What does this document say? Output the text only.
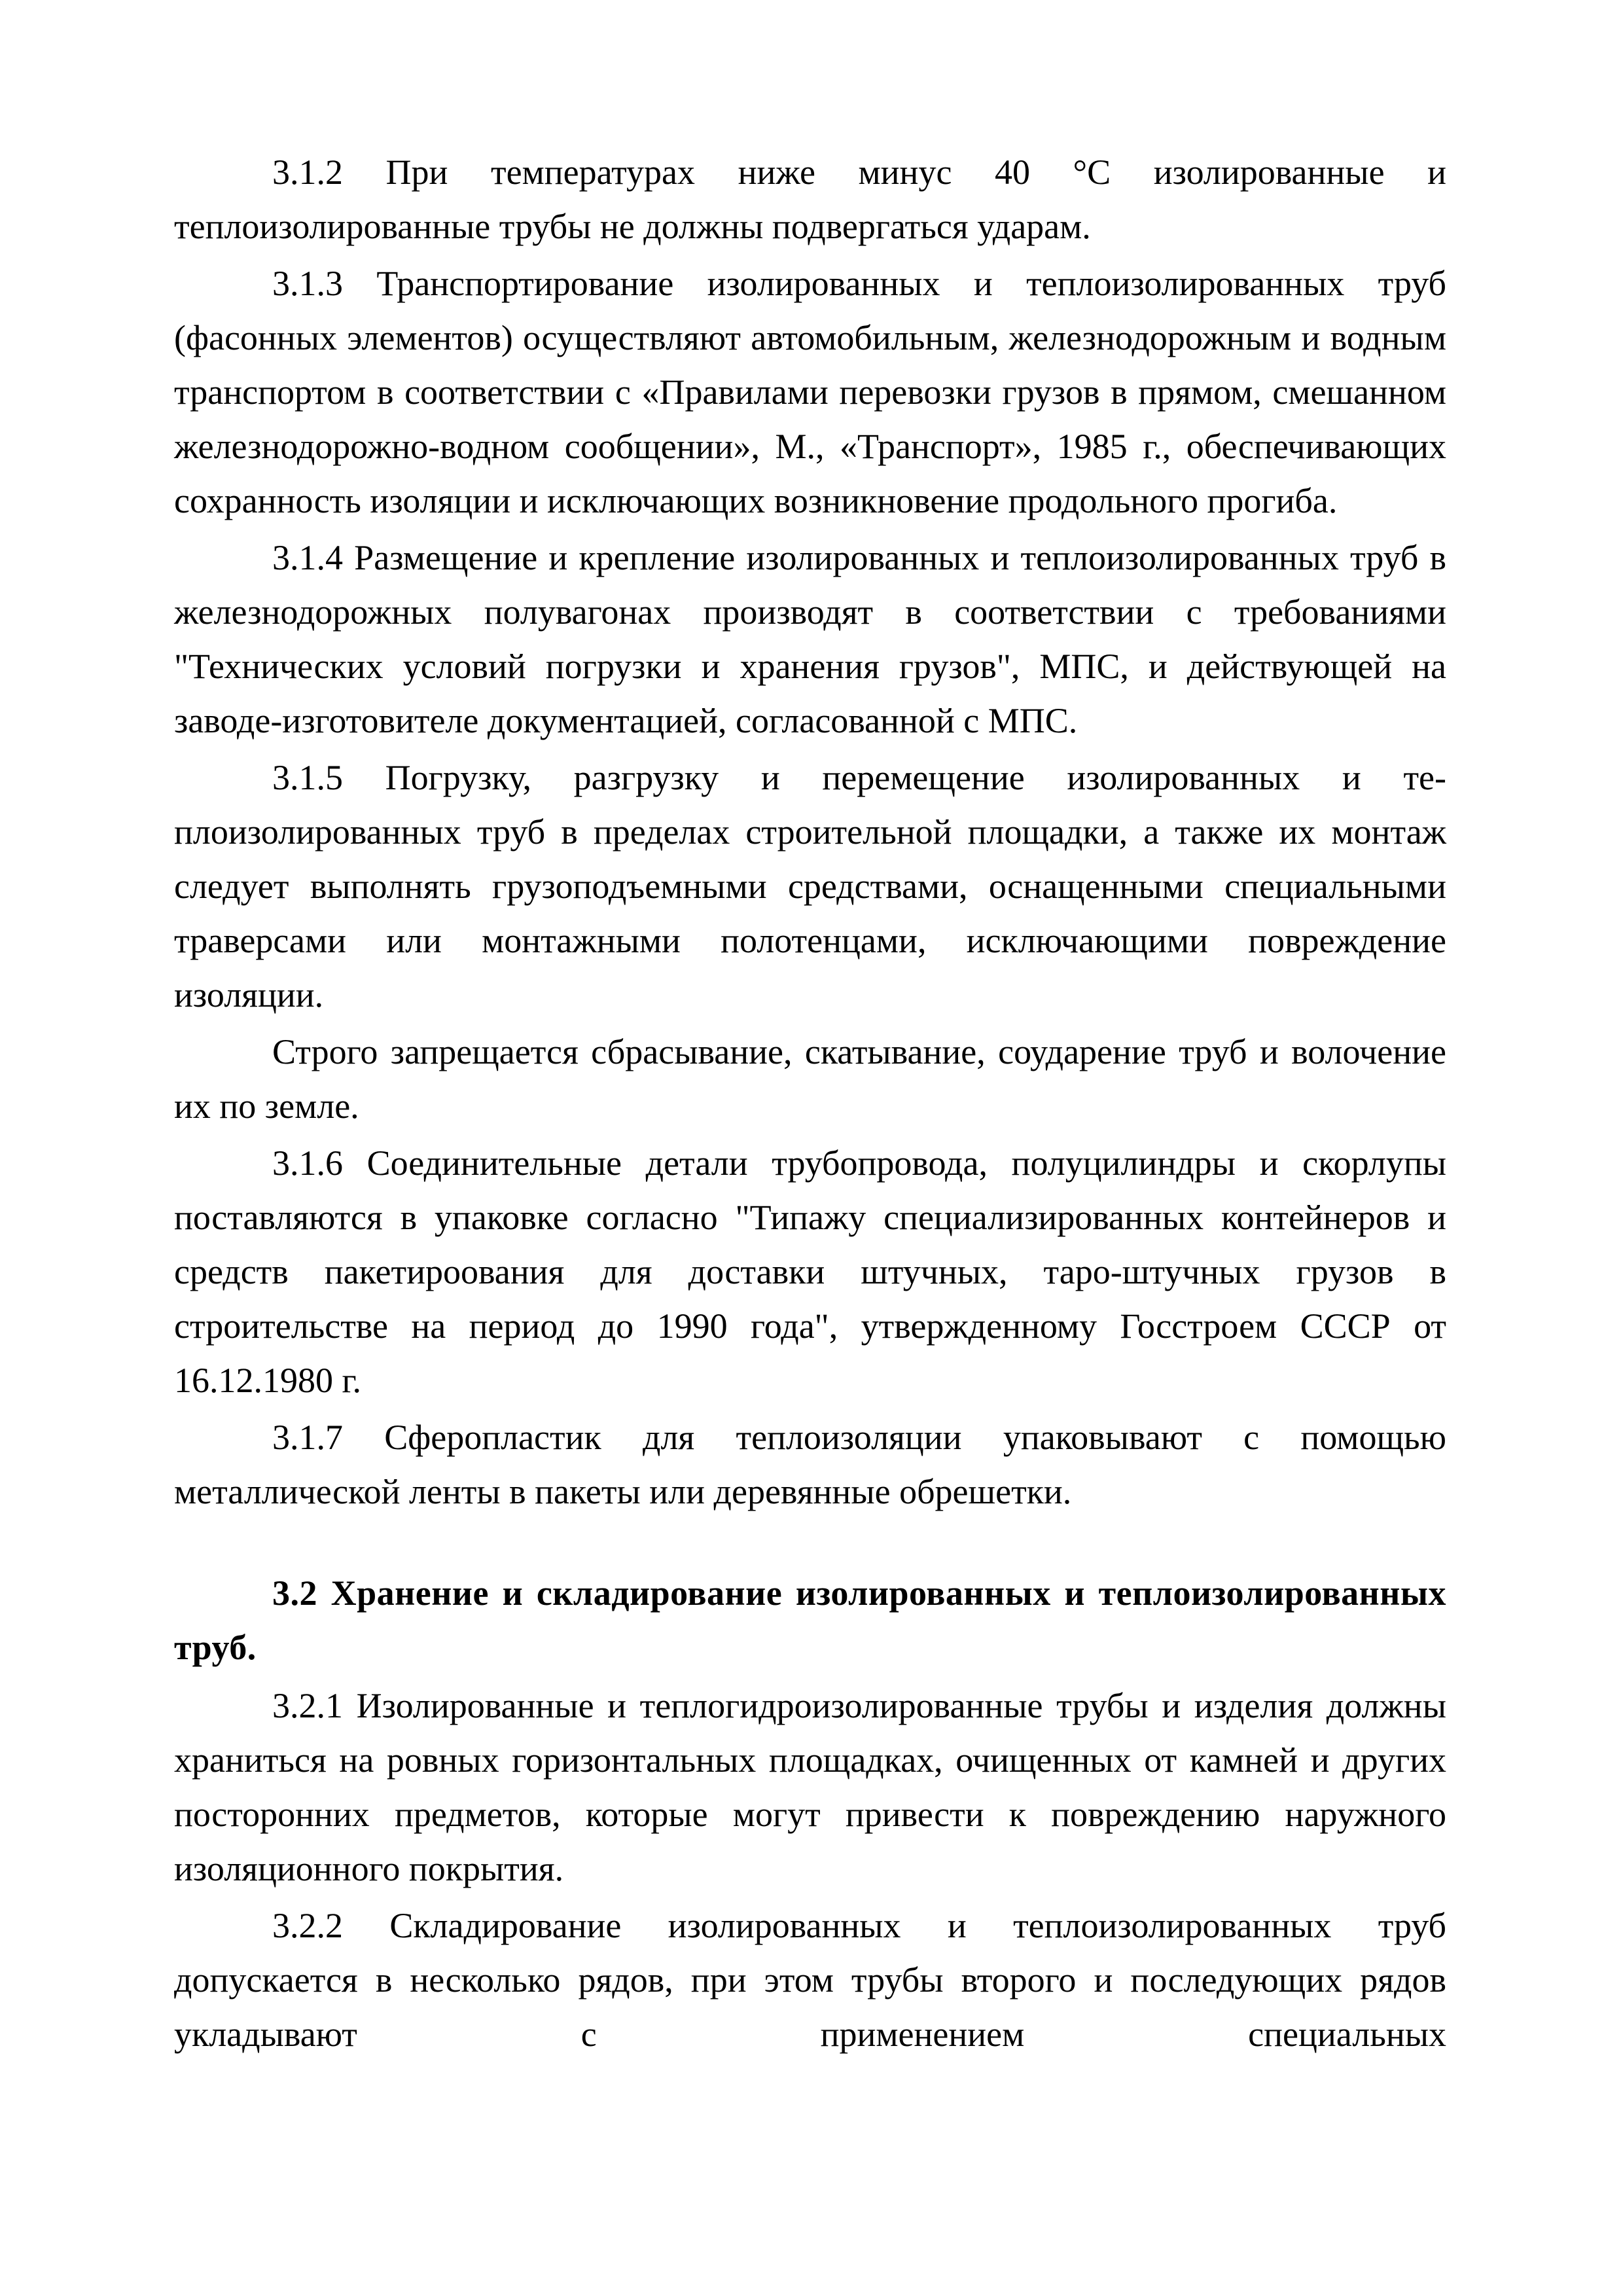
3.1.2 При температурах ниже минус 40 °С изолированные и теплоизолированные трубы не должны подвергаться ударам.

3.1.3 Транспортирование изолированных и теплоизолированных труб (фасонных элементов) осуществляют автомобильным, железнодорожным и водным транспортом в соответствии с «Правилами перевозки грузов в прямом, смешанном железнодорожно-водном сообщении», М., «Транспорт», 1985 г., обеспечивающих сохранность изоляции и исключающих возникновение продольного прогиба.

3.1.4 Размещение и крепление изолированных и теплоизолированных труб в железнодорожных полувагонах производят в соответствии с требованиями "Технических условий погрузки и хранения грузов", МПС, и действующей на заводе-изготовителе документацией, согласованной с МПС.

3.1.5 Погрузку, разгрузку и перемещение изолированных и теплоизолированных труб в пределах строительной площадки, а также их монтаж следует выполнять грузоподъемными средствами, оснащенными специальными траверсами или монтажными полотенцами, исключающими повреждение изоляции.

Строго запрещается сбрасывание, скатывание, соударение труб и волочение их по земле.

3.1.6 Соединительные детали трубопровода, полуцилиндры и скорлупы поставляются в упаковке согласно "Типажу специализированных контейнеров и средств пакетироования для доставки штучных, таро-штучных грузов в строительстве на период до 1990 года", утвержденному Госстроем СССР от 16.12.1980 г.

3.1.7 Сферопластик для теплоизоляции упаковывают с помощью металлической ленты в пакеты или деревянные обрешетки.

3.2 Хранение и складирование изолированных и теплоизолированных труб.

3.2.1 Изолированные и теплогидроизолированные трубы и изделия должны храниться на ровных горизонтальных площадках, очищенных от камней и других посторонних предметов, которые могут привести к повреждению наружного изоляционного покрытия.

3.2.2 Складирование изолированных и теплоизолированных труб допускается в несколько рядов, при этом трубы второго и последующих рядов укладывают с применением специальных
